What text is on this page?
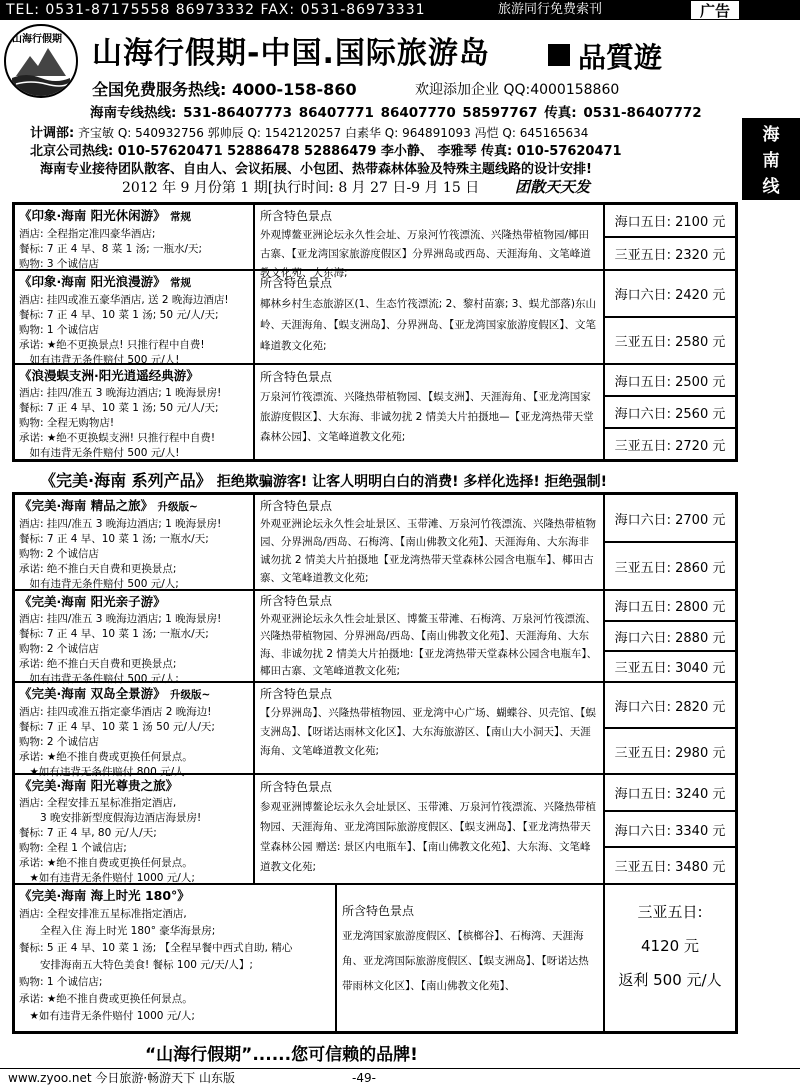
TEL: 0531-87175558 86973332 FAX: 0531-86973331	旅游同行免费索刊	广告
山海行假期 山海行假期-中国.国际旅游岛	品質遊
全国免费服务热线: 4000-158-860	欢迎添加企业 QQ:4000158860
海南专线热线: 531-86407773 86407771 86407770 58597767 传真: 0531-86407772
计调部: 齐宝敏 Q: 540932756 郭帅辰 Q: 1542120257 白素华 Q: 964891093 冯恺 Q: 645165634
北京公司热线: 010-57620471 52886478 52886479 李小静、 李雅琴 传真: 010-57620471
海南专业接待团队散客、自由人、会议拓展、小包团、热带森林体验及特殊主题线路的设计安排!
2012 年 9 月份第 1 期[执行时间: 8 月 27 日-9 月 15 日 团散天天发
海
南
线
《印象·海南 阳光休闲游》 常规
酒店: 全程指定准四豪华酒店;
餐标: 7 正 4 早、8 菜 1 汤; 一瓶水/天;
购物: 3 个诚信店
所含特色景点
外观博鳌亚洲论坛永久性会址、万泉河竹筏漂流、兴隆热带植物园/椰田古寨、【亚龙湾国家旅游度假区】分界洲岛或西岛、天涯海角、文笔峰道教文化苑、大东海;
海口五日: 2100 元
三亚五日: 2320 元
《印象·海南 阳光浪漫游》 常规
酒店: 挂四或准五豪华酒店, 送 2 晚海边酒店!
餐标: 7 正 4 早、10 菜 1 汤; 50 元/人/天;
购物: 1 个诚信店
承诺: ★绝不更换景点! 只推行程中自费!
　如有违背无条件赔付 500 元/人!
所含特色景点
椰林乡村生态旅游区(1、生态竹筏漂流; 2、黎村苗寨; 3、蜈尤部落)东山岭、天涯海角、【蜈支洲岛】、分界洲岛、【亚龙湾国家旅游度假区】、文笔峰道教文化苑;
海口六日: 2420 元
三亚五日: 2580 元
《浪漫蜈支洲·阳光逍遥经典游》
酒店: 挂四/准五 3 晚海边酒店; 1 晚海景房!
餐标: 7 正 4 早、10 菜 1 汤; 50 元/人/天;
购物: 全程无购物店!
承诺: ★绝不更换蜈支洲! 只推行程中自费!
　如有违背无条件赔付 500 元/人!
所含特色景点
万泉河竹筏漂流、兴隆热带植物园、【蜈支洲】、天涯海角、【亚龙湾国家旅游度假区】、大东海、非诚勿扰 2 情美大片拍摄地—【亚龙湾热带天堂森林公园】、文笔峰道教文化苑;
海口五日: 2500 元
海口六日: 2560 元
三亚五日: 2720 元
《完美·海南 系列产品》 拒绝欺骗游客! 让客人明明白白的消费! 多样化选择! 拒绝强制!
《完美·海南 精品之旅》 升级版~
酒店: 挂四/准五 3 晚海边酒店; 1 晚海景房!
餐标: 7 正 4 早、10 菜 1 汤; 一瓶水/天;
购物: 2 个诚信店
承诺: 绝不推白天自费和更换景点;
　如有违背无条件赔付 500 元/人;
所含特色景点
外观亚洲论坛永久性会址景区、玉带滩、万泉河竹筏漂流、兴隆热带植物园、分界洲岛/西岛、石梅湾、【南山佛教文化苑】、天涯海角、大东海非诚勿扰 2 情美大片拍摄地【亚龙湾热带天堂森林公园含电瓶车】、椰田古寨、文笔峰道教文化苑;
海口六日: 2700 元
三亚五日: 2860 元
《完美·海南 阳光亲子游》
酒店: 挂四/准五 3 晚海边酒店; 1 晚海景房!
餐标: 7 正 4 早、10 菜 1 汤; 一瓶水/天;
购物: 2 个诚信店
承诺: 绝不推白天自费和更换景点;
　如有违背无条件赔付 500 元/人;
所含特色景点
外观亚洲论坛永久性会址景区、博鳌玉带滩、石梅湾、万泉河竹筏漂流、兴隆热带植物园、分界洲岛/西岛、【南山佛教文化苑】、天涯海角、大东海、非诚勿扰 2 情美大片拍摄地:【亚龙湾热带天堂森林公园含电瓶车】、椰田古寨、文笔峰道教文化苑;
海口五日: 2800 元
海口六日: 2880 元
三亚五日: 3040 元
《完美·海南 双岛全景游》 升级版~
酒店: 挂四或准五指定豪华酒店 2 晚海边!
餐标: 7 正 4 早、10 菜 1 汤 50 元/人/天;
购物: 2 个诚信店
承诺: ★绝不推自费或更换任何景点。
　★如有违背无条件赔付 800 元/人
所含特色景点
【分界洲岛】、兴隆热带植物园、亚龙湾中心广场、蝴蝶谷、贝壳馆、【蜈支洲岛】、【呀诺达雨林文化区】、大东海旅游区、【南山大小洞天】、天涯海角、文笔峰道教文化苑;
海口六日: 2820 元
三亚五日: 2980 元
《完美·海南 阳光尊贵之旅》
酒店: 全程安排五星标准指定酒店,
　　3 晚安排新型度假海边酒店海景房!
餐标: 7 正 4 早, 80 元/人/天;
购物: 全程 1 个诚信店;
承诺: ★绝不推自费或更换任何景点。
　★如有违背无条件赔付 1000 元/人;
所含特色景点
参观亚洲博鳌论坛永久会址景区、玉带滩、万泉河竹筏漂流、兴隆热带植物园、天涯海角、亚龙湾国际旅游度假区、【蜈支洲岛】、【亚龙湾热带天堂森林公园 赠送: 景区内电瓶车】、【南山佛教文化苑】、大东海、文笔峰道教文化苑;
海口五日: 3240 元
海口六日: 3340 元
三亚五日: 3480 元
《完美·海南 海上时光 180°》
酒店: 全程安排准五星标准指定酒店,
　　全程入住 海上时光 180° 豪华海景房;
餐标: 5 正 4 早、10 菜 1 汤; 【全程早餐中西式自助, 精心
　　安排海南五大特色美食! 餐标 100 元/天/人】;
购物: 1 个诚信店;
承诺: ★绝不推自费或更换任何景点。
　★如有违背无条件赔付 1000 元/人;
所含特色景点
亚龙湾国家旅游度假区、【槟榔谷】、石梅湾、天涯海角、亚龙湾国际旅游度假区、【蜈支洲岛】、【呀诺达热带雨林文化区】、【南山佛教文化苑】、
三亚五日:
4120 元
返利 500 元/人
“山海行假期”......您可信赖的品牌!
www.zyoo.net 今日旅游·畅游天下 山东版	-49-
